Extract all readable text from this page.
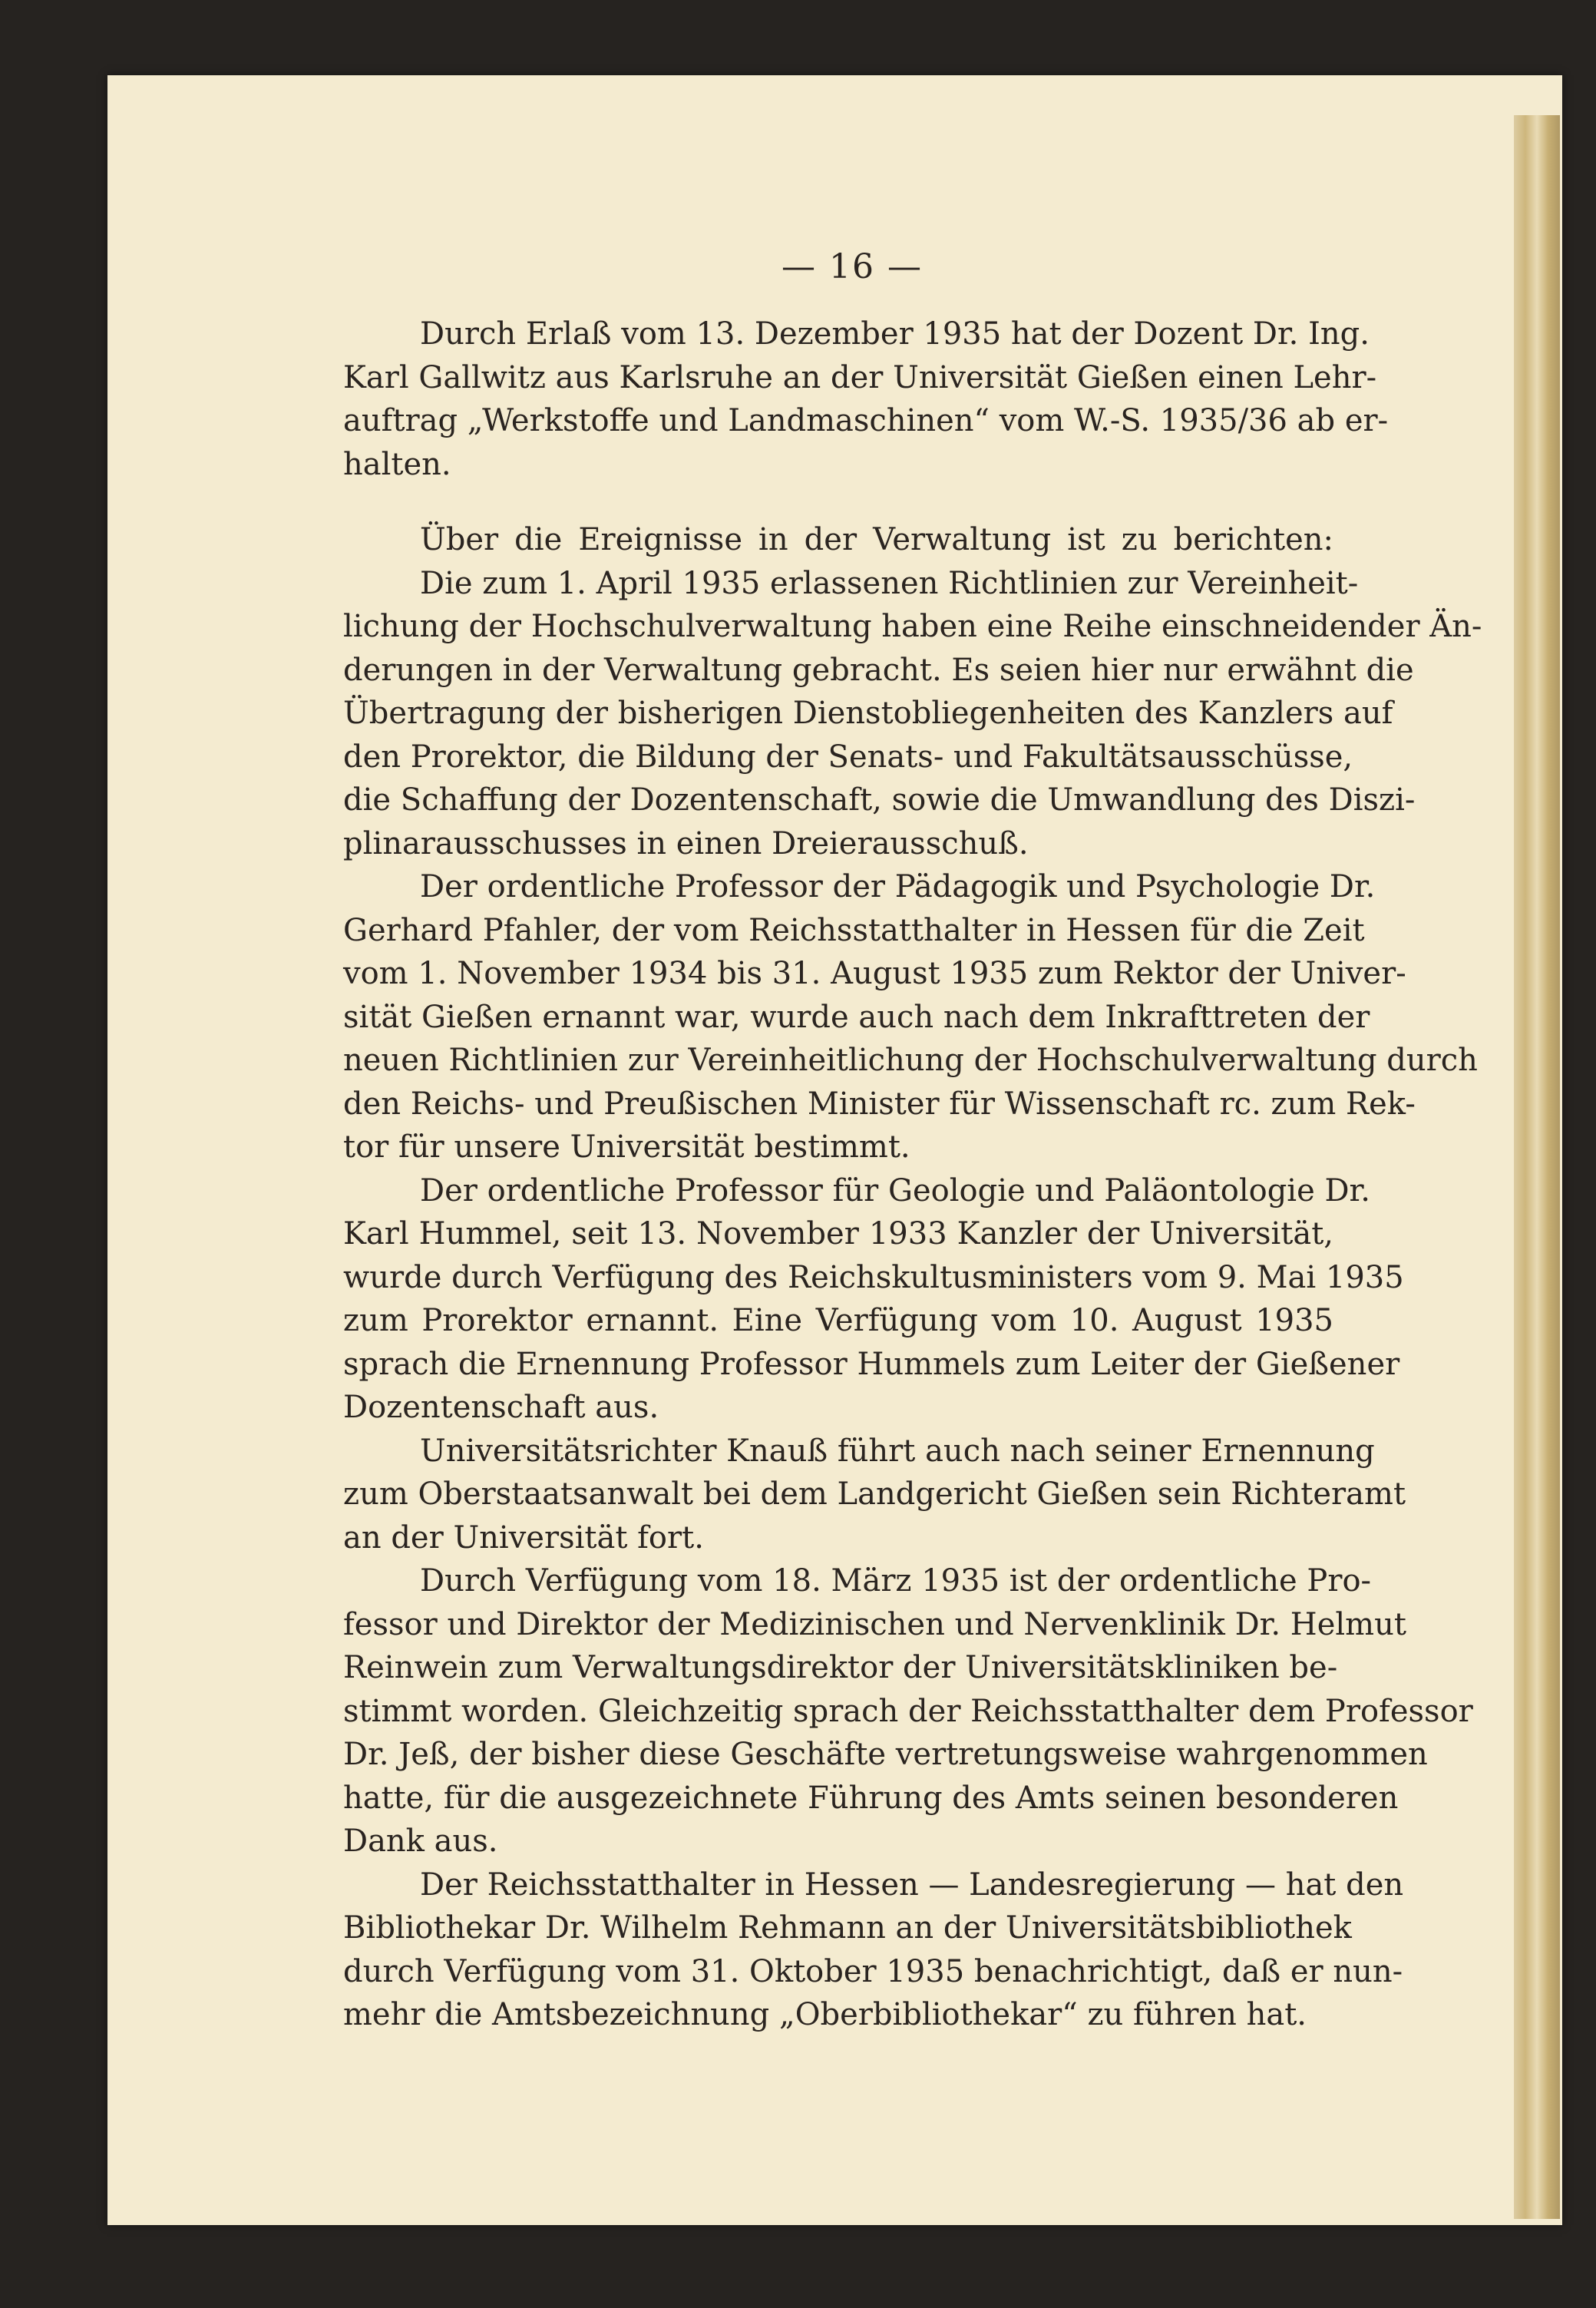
— 16 —
Durch Erlaß vom 13. Dezember 1935 hat der Dozent Dr. Ing.
Karl Gallwitz aus Karlsruhe an der Universität Gießen einen Lehr-
auftrag „Werkstoffe und Landmaschinen“ vom W.-S. 1935/36 ab er-
halten.
Über die Ereignisse in der Verwaltung ist zu berichten:
Die zum 1. April 1935 erlassenen Richtlinien zur Vereinheit-
lichung der Hochschulverwaltung haben eine Reihe einschneidender Än-
derungen in der Verwaltung gebracht. Es seien hier nur erwähnt die
Übertragung der bisherigen Dienstobliegenheiten des Kanzlers auf
den Prorektor, die Bildung der Senats- und Fakultätsausschüsse,
die Schaffung der Dozentenschaft, sowie die Umwandlung des Diszi-
plinarausschusses in einen Dreierausschuß.
Der ordentliche Professor der Pädagogik und Psychologie Dr.
Gerhard Pfahler, der vom Reichsstatthalter in Hessen für die Zeit
vom 1. November 1934 bis 31. August 1935 zum Rektor der Univer-
sität Gießen ernannt war, wurde auch nach dem Inkrafttreten der
neuen Richtlinien zur Vereinheitlichung der Hochschulverwaltung durch
den Reichs- und Preußischen Minister für Wissenschaft rc. zum Rek-
tor für unsere Universität bestimmt.
Der ordentliche Professor für Geologie und Paläontologie Dr.
Karl Hummel, seit 13. November 1933 Kanzler der Universität,
wurde durch Verfügung des Reichskultusministers vom 9. Mai 1935
zum Prorektor ernannt. Eine Verfügung vom 10. August 1935
sprach die Ernennung Professor Hummels zum Leiter der Gießener
Dozentenschaft aus.
Universitätsrichter Knauß führt auch nach seiner Ernennung
zum Oberstaatsanwalt bei dem Landgericht Gießen sein Richteramt
an der Universität fort.
Durch Verfügung vom 18. März 1935 ist der ordentliche Pro-
fessor und Direktor der Medizinischen und Nervenklinik Dr. Helmut
Reinwein zum Verwaltungsdirektor der Universitätskliniken be-
stimmt worden. Gleichzeitig sprach der Reichsstatthalter dem Professor
Dr. Jeß, der bisher diese Geschäfte vertretungsweise wahrgenommen
hatte, für die ausgezeichnete Führung des Amts seinen besonderen
Dank aus.
Der Reichsstatthalter in Hessen — Landesregierung — hat den
Bibliothekar Dr. Wilhelm Rehmann an der Universitätsbibliothek
durch Verfügung vom 31. Oktober 1935 benachrichtigt, daß er nun-
mehr die Amtsbezeichnung „Oberbibliothekar“ zu führen hat.
